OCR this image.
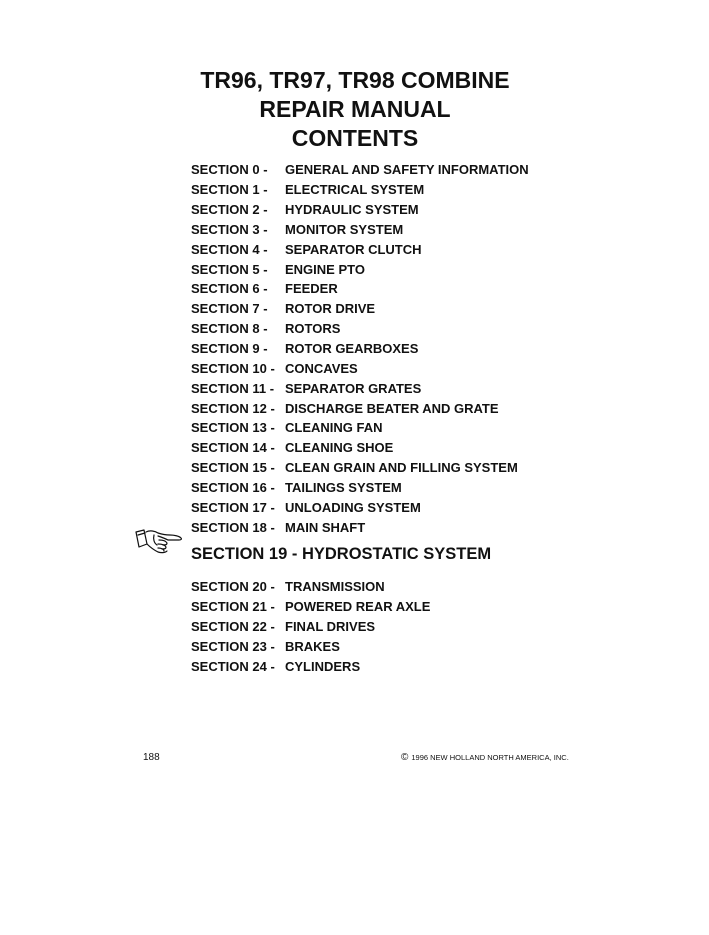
TR96, TR97, TR98 COMBINE
REPAIR MANUAL
CONTENTS
SECTION 0 -	GENERAL AND SAFETY INFORMATION
SECTION 1 -	ELECTRICAL SYSTEM
SECTION 2 -	HYDRAULIC SYSTEM
SECTION 3 -	MONITOR SYSTEM
SECTION 4 -	SEPARATOR CLUTCH
SECTION 5 -	ENGINE PTO
SECTION 6 -	FEEDER
SECTION 7 -	ROTOR DRIVE
SECTION 8 -	ROTORS
SECTION 9 -	ROTOR GEARBOXES
SECTION 10 - CONCAVES
SECTION 11 - SEPARATOR GRATES
SECTION 12 - DISCHARGE BEATER AND GRATE
SECTION 13 - CLEANING FAN
SECTION 14 - CLEANING SHOE
SECTION 15 - CLEAN GRAIN AND FILLING SYSTEM
SECTION 16 - TAILINGS SYSTEM
SECTION 17 - UNLOADING SYSTEM
SECTION 18 - MAIN SHAFT
SECTION 19 - HYDROSTATIC SYSTEM
SECTION 20 - TRANSMISSION
SECTION 21 - POWERED REAR AXLE
SECTION 22 - FINAL DRIVES
SECTION 23 - BRAKES
SECTION 24 - CYLINDERS
188	© 1996 NEW HOLLAND NORTH AMERICA, INC.
